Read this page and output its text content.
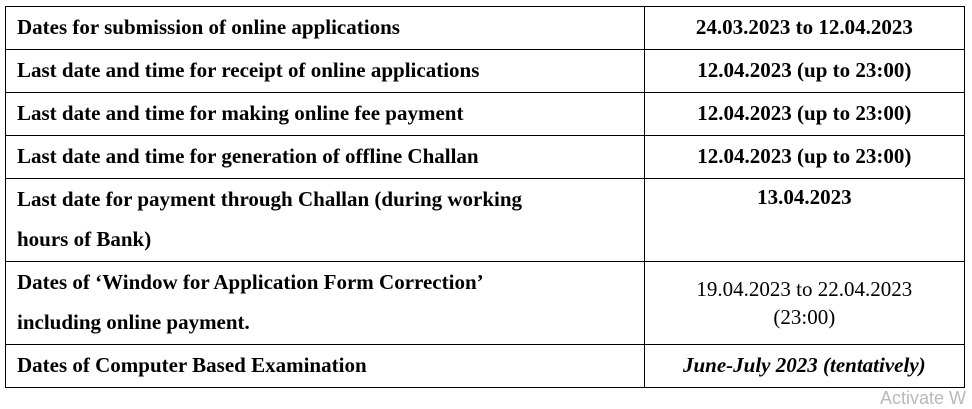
Dates for submission of online applications	24.03.2023 to 12.04.2023

Last date and time for receipt of online applications	12.04.2023 (up to 23:00)

Last date and time for making online fee payment	12.04.2023 (up to 23:00)

Last date and time for generation of offline Challan	12.04.2023 (up to 23:00)

Last date for payment through Challan (during working
hours of Bank)	13.04.2023

Dates of ‘Window for Application Form Correction’
including online payment.	19.04.2023 to 22.04.2023
(23:00)

Dates of Computer Based Examination	June-July 2023 (tentatively)
Activate W
